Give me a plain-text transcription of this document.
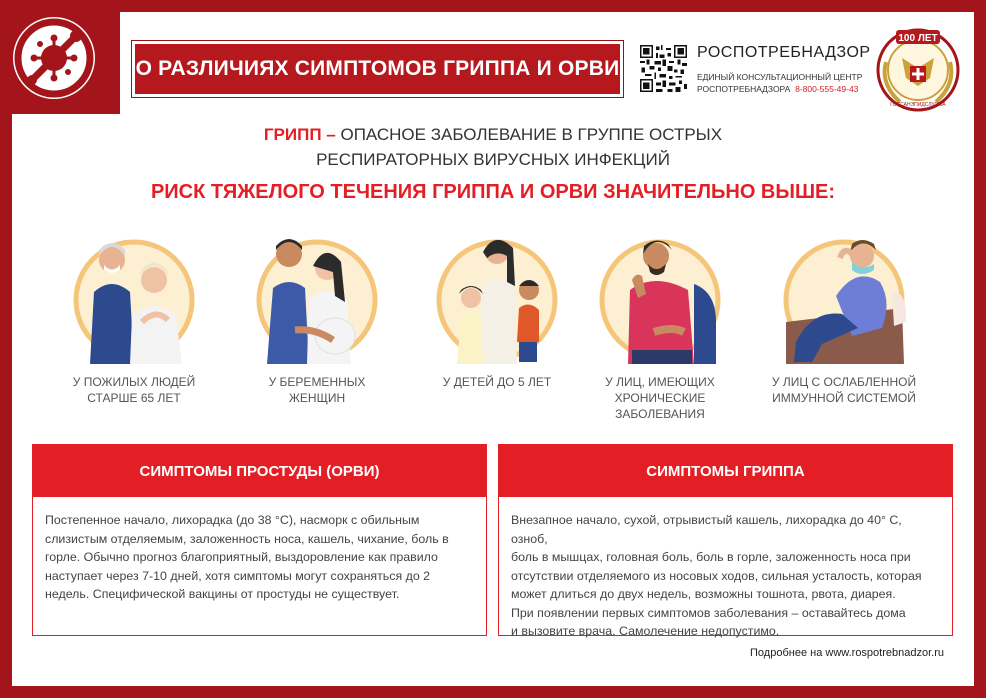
О РАЗЛИЧИЯХ СИМПТОМОВ ГРИППА И ОРВИ
РОСПОТРЕБНАДЗОР
ЕДИНЫЙ КОНСУЛЬТАЦИОННЫЙ ЦЕНТР
РОСПОТРЕБНАДЗОРА 8-800-555-49-43
100 ЛЕТ
ГОССАНЭПИДСЛУЖБА
ГРИПП – ОПАСНОЕ ЗАБОЛЕВАНИЕ В ГРУППЕ ОСТРЫХ
РЕСПИРАТОРНЫХ ВИРУСНЫХ ИНФЕКЦИЙ
РИСК ТЯЖЕЛОГО ТЕЧЕНИЯ ГРИППА И ОРВИ ЗНАЧИТЕЛЬНО ВЫШЕ:
У ПОЖИЛЫХ ЛЮДЕЙ
СТАРШЕ 65 ЛЕТ
У БЕРЕМЕННЫХ
ЖЕНЩИН
У ДЕТЕЙ ДО 5 ЛЕТ	У ЛИЦ, ИМЕЮЩИХ
ХРОНИЧЕСКИЕ ЗАБОЛЕВАНИЯ
У ЛИЦ С ОСЛАБЛЕННОЙ
ИММУННОЙ СИСТЕМОЙ
СИМПТОМЫ ПРОСТУДЫ (ОРВИ)
Постепенное начало, лихорадка (до 38 °С), насморк с обильным
слизистым отделяемым, заложенность носа, кашель, чихание, боль в
горле. Обычно прогноз благоприятный, выздоровление как правило
наступает через 7-10 дней, хотя симптомы могут сохраняться до 2
недель. Специфической вакцины от простуды не существует.
СИМПТОМЫ ГРИППА
Внезапное начало, сухой, отрывистый кашель, лихорадка до 40° С, озноб,
боль в мышцах, головная боль, боль в горле, заложенность носа при
отсутствии отделяемого из носовых ходов, сильная усталость, которая
может длиться до двух недель, возможны тошнота, рвота, диарея.
При появлении первых симптомов заболевания – оставайтесь дома
и вызовите врача. Самолечение недопустимо.
Подробнее на www.rospotrebnadzor.ru
